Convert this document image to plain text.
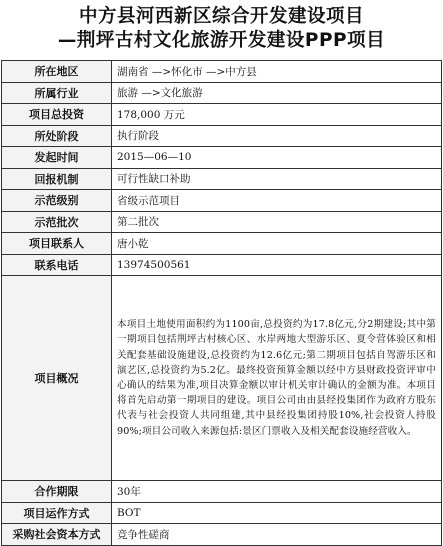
中方县河西新区综合开发建设项目
—荆坪古村文化旅游开发建设PPP项目
所在地区	湖南省 —>怀化市 —>中方县
所属行业	旅游 —>文化旅游
项目总投资	178,000 万元
所处阶段	执行阶段
发起时间	2015—06—10
回报机制	可行性缺口补助
示范级别	省级示范项目
示范批次	第二批次
项目联系人	唐小乾
联系电话	13974500561
项目概况	本项目土地使用面积约为1100亩,总投资约为17.8亿元,分2期建设;其中第一期项目包括荆坪古村核心区、水岸两地大型游乐区、夏令营体验区和相关配套基础设施建设,总投资约为12.6亿元;第二期项目包括自驾游乐区和演艺区,总投资约为5.2亿。最终投资预算金额以经中方县财政投资评审中心确认的结果为准,项目决算金额以审计机关审计确认的金额为准。本项目将首先启动第一期项目的建设。项目公司由由县经投集团作为政府方股东代表与社会投资人共同组建,其中县经投集团持股10%,社会投资人持股90%;项目公司收入来源包括:景区门票收入及相关配套设施经营收入。
合作期限	30年
项目运作方式	BOT
采购社会资本方式	竞争性磋商
